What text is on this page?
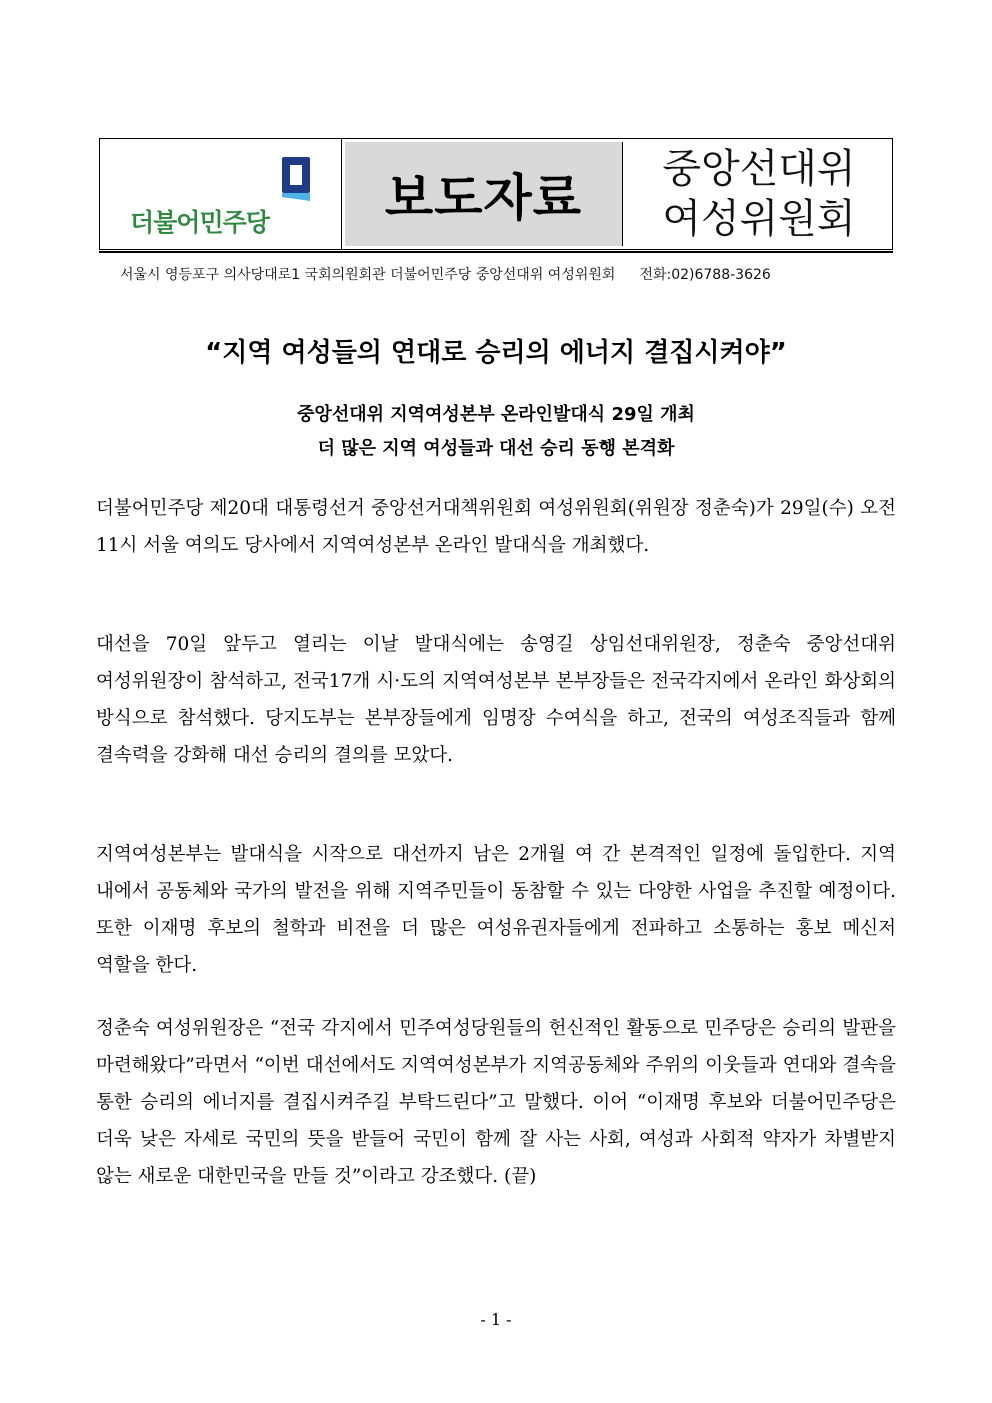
더불어민주당 보도자료 중앙선대위
여성위원회
서울시 영등포구 의사당대로1 국회의원회관 더불어민주당 중앙선대위 여성위원회 전화:02)6788-3626
“지역 여성들의 연대로 승리의 에너지 결집시켜야”
중앙선대위 지역여성본부 온라인발대식 29일 개최
더 많은 지역 여성들과 대선 승리 동행 본격화

더불어민주당 제20대 대통령선거 중앙선거대책위원회 여성위원회(위원장 정춘숙)가 29일(수) 오전 11시 서울 여의도 당사에서 지역여성본부 온라인 발대식을 개최했다.

대선을 70일 앞두고 열리는 이날 발대식에는 송영길 상임선대위원장, 정춘숙 중앙선대위 여성위원장이 참석하고, 전국17개 시·도의 지역여성본부 본부장들은 전국각지에서 온라인 화상회의 방식으로 참석했다. 당지도부는 본부장들에게 임명장 수여식을 하고, 전국의 여성조직들과 함께 결속력을 강화해 대선 승리의 결의를 모았다.

지역여성본부는 발대식을 시작으로 대선까지 남은 2개월 여 간 본격적인 일정에 돌입한다. 지역 내에서 공동체와 국가의 발전을 위해 지역주민들이 동참할 수 있는 다양한 사업을 추진할 예정이다. 또한 이재명 후보의 철학과 비전을 더 많은 여성유권자들에게 전파하고 소통하는 홍보 메신저 역할을 한다.

정춘숙 여성위원장은 “전국 각지에서 민주여성당원들의 헌신적인 활동으로 민주당은 승리의 발판을 마련해왔다”라면서 “이번 대선에서도 지역여성본부가 지역공동체와 주위의 이웃들과 연대와 결속을 통한 승리의 에너지를 결집시켜주길 부탁드린다”고 말했다. 이어 “이재명 후보와 더불어민주당은 더욱 낮은 자세로 국민의 뜻을 받들어 국민이 함께 잘 사는 사회, 여성과 사회적 약자가 차별받지 않는 새로운 대한민국을 만들 것”이라고 강조했다. (끝)

- 1 -
